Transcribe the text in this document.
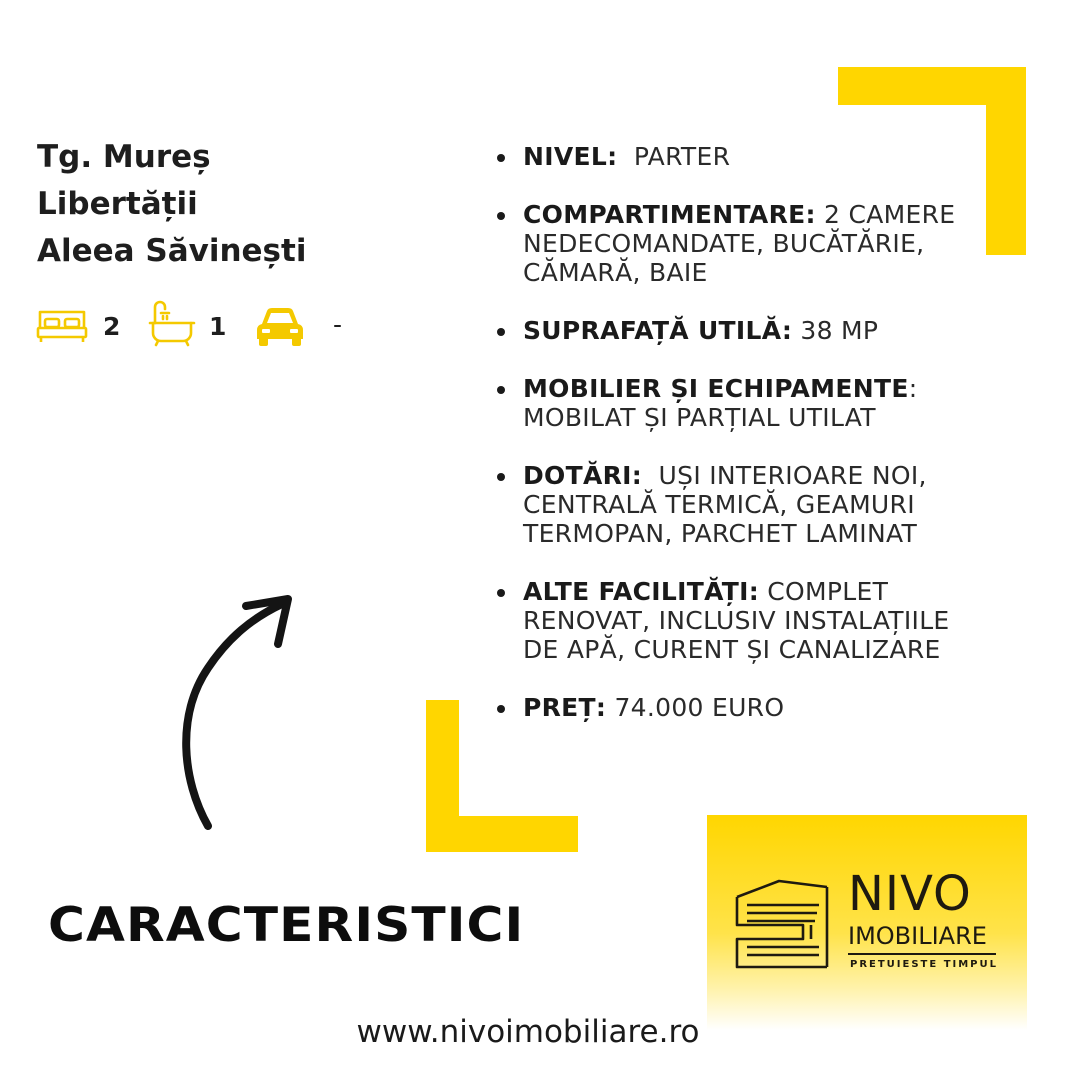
Tg. Mureș
Libertății
Aleea Săvinești
2	1	-
NIVEL:  PARTER
COMPARTIMENTARE: 2 CAMERE NEDECOMANDATE, BUCĂTĂRIE, CĂMARĂ, BAIE
SUPRAFAȚĂ UTILĂ: 38 MP
MOBILIER ȘI ECHIPAMENTE: MOBILAT ȘI PARȚIAL UTILAT
DOTĂRI:  UȘI INTERIOARE NOI, CENTRALĂ TERMICĂ, GEAMURI TERMOPAN, PARCHET LAMINAT
ALTE FACILITĂȚI: COMPLET RENOVAT, INCLUSIV INSTALAȚIILE DE APĂ, CURENT ȘI CANALIZARE
PREȚ: 74.000 EURO
CARACTERISTICI
NIVO
IMOBILIARE
PRETUIESTE TIMPUL
www.nivoimobiliare.ro
